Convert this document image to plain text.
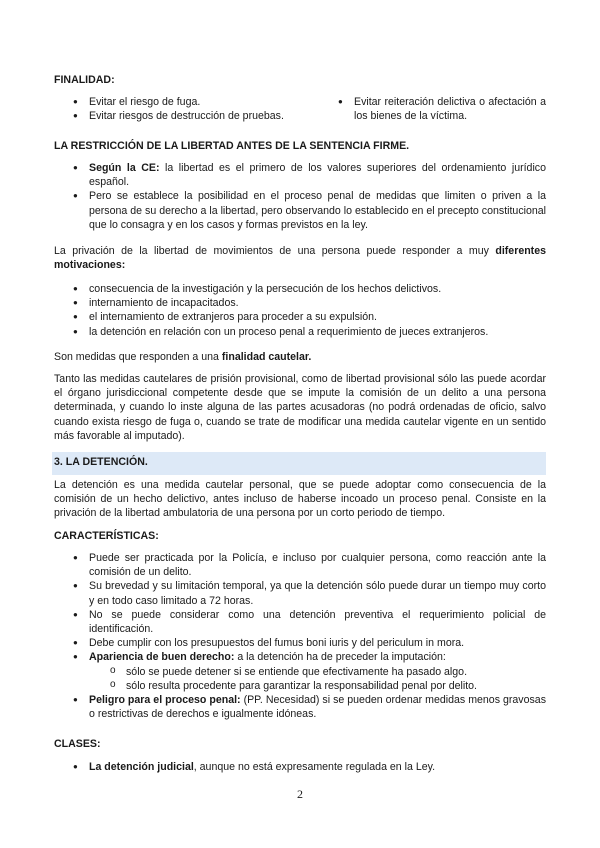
FINALIDAD:
● Evitar el riesgo de fuga.
● Evitar riesgos de destrucción de pruebas.
● Evitar reiteración delictiva o afectación a los bienes de la víctima.
LA RESTRICCIÓN DE LA LIBERTAD ANTES DE LA SENTENCIA FIRME.
● Según la CE: la libertad es el primero de los valores superiores del ordenamiento jurídico español.
● Pero se establece la posibilidad en el proceso penal de medidas que limiten o priven a la persona de su derecho a la libertad, pero observando lo establecido en el precepto constitucional que lo consagra y en los casos y formas previstos en la ley.

La privación de la libertad de movimientos de una persona puede responder a muy diferentes motivaciones:

● consecuencia de la investigación y la persecución de los hechos delictivos.
● internamiento de incapacitados.
● el internamiento de extranjeros para proceder a su expulsión.
● la detención en relación con un proceso penal a requerimiento de jueces extranjeros.

Son medidas que responden a una finalidad cautelar.

Tanto las medidas cautelares de prisión provisional, como de libertad provisional sólo las puede acordar el órgano jurisdiccional competente desde que se impute la comisión de un delito a una persona determinada, y cuando lo inste alguna de las partes acusadoras (no podrá ordenadas de oficio, salvo cuando exista riesgo de fuga o, cuando se trate de modificar una medida cautelar vigente en un sentido más favorable al imputado).

3. LA DETENCIÓN.

La detención es una medida cautelar personal, que se puede adoptar como consecuencia de la comisión de un hecho delictivo, antes incluso de haberse incoado un proceso penal. Consiste en la privación de la libertad ambulatoria de una persona por un corto periodo de tiempo.

CARACTERÍSTICAS:
● Puede ser practicada por la Policía, e incluso por cualquier persona, como reacción ante la comisión de un delito.
● Su brevedad y su limitación temporal, ya que la detención sólo puede durar un tiempo muy corto y en todo caso limitado a 72 horas.
● No se puede considerar como una detención preventiva el requerimiento policial de identificación.
● Debe cumplir con los presupuestos del fumus boni iuris y del periculum in mora.
● Apariencia de buen derecho: a la detención ha de preceder la imputación:
o sólo se puede detener si se entiende que efectivamente ha pasado algo.
o sólo resulta procedente para garantizar la responsabilidad penal por delito.
● Peligro para el proceso penal: (PP. Necesidad) si se pueden ordenar medidas menos gravosas o restrictivas de derechos e igualmente idóneas.
CLASES:
● La detención judicial, aunque no está expresamente regulada en la Ley.
2
